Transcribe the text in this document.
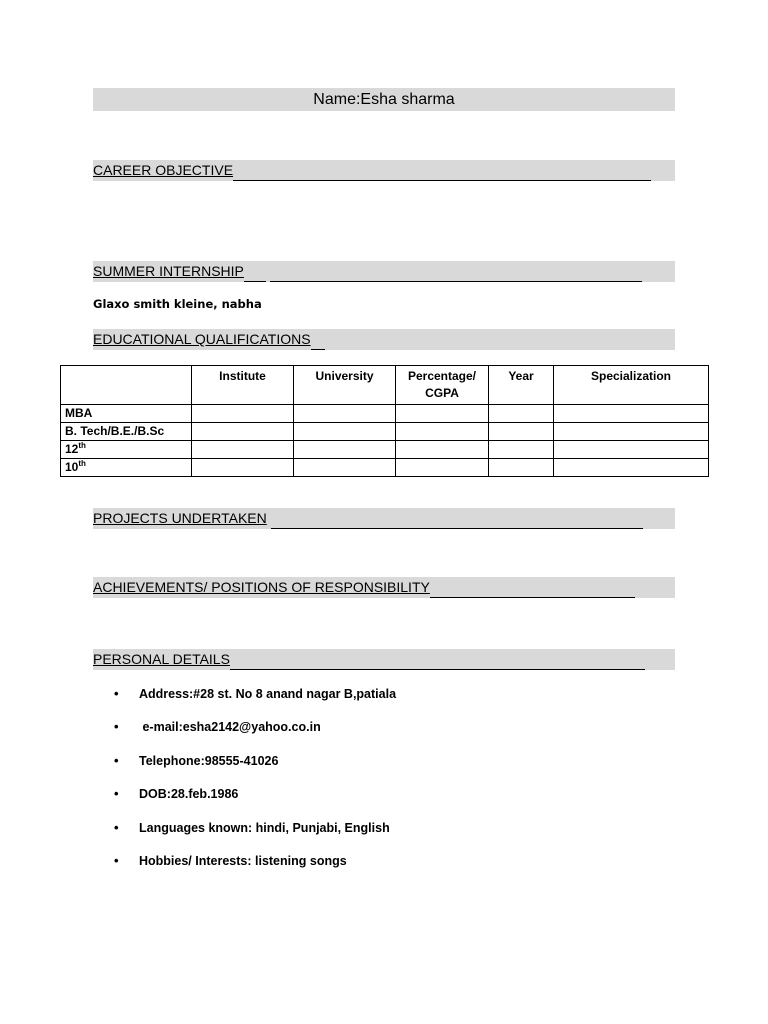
Name:Esha sharma
CAREER OBJECTIVE
SUMMER INTERNSHIP
Glaxo smith kleine, nabha
EDUCATIONAL QUALIFICATIONS
	Institute	University	Percentage/ CGPA	Year	Specialization
MBA					
B. Tech/B.E./B.Sc					
12th					
10th					
PROJECTS UNDERTAKEN
ACHIEVEMENTS/ POSITIONS OF RESPONSIBILITY
PERSONAL DETAILS
• Address:#28 st. No 8 anand nagar B,patiala
• e-mail:esha2142@yahoo.co.in
• Telephone:98555-41026
• DOB:28.feb.1986
• Languages known: hindi, Punjabi, English
• Hobbies/ Interests: listening songs
